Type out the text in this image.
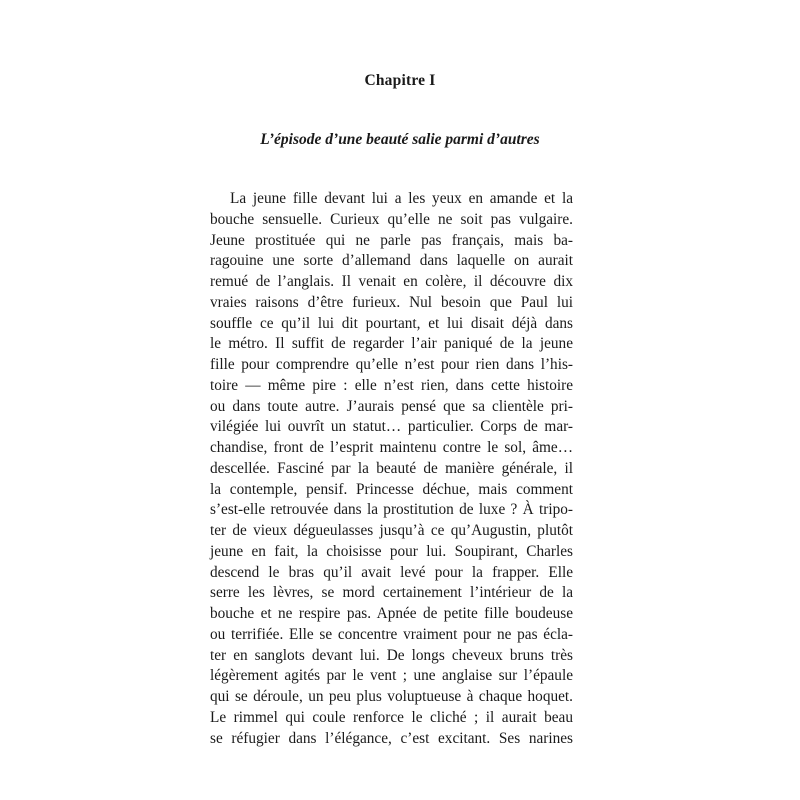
Chapitre I
L’épisode d’une beauté salie parmi d’autres
La jeune fille devant lui a les yeux en amande et la
bouche sensuelle. Curieux qu’elle ne soit pas vulgaire.
Jeune prostituée qui ne parle pas français, mais ba-
ragouine une sorte d’allemand dans laquelle on aurait
remué de l’anglais. Il venait en colère, il découvre dix
vraies raisons d’être furieux. Nul besoin que Paul lui
souffle ce qu’il lui dit pourtant, et lui disait déjà dans
le métro. Il suffit de regarder l’air paniqué de la jeune
fille pour comprendre qu’elle n’est pour rien dans l’his-
toire — même pire : elle n’est rien, dans cette histoire
ou dans toute autre. J’aurais pensé que sa clientèle pri-
vilégiée lui ouvrît un statut… particulier. Corps de mar-
chandise, front de l’esprit maintenu contre le sol, âme…
descellée. Fasciné par la beauté de manière générale, il
la contemple, pensif. Princesse déchue, mais comment
s’est-elle retrouvée dans la prostitution de luxe ? À tripo-
ter de vieux dégueulasses jusqu’à ce qu’Augustin, plutôt
jeune en fait, la choisisse pour lui. Soupirant, Charles
descend le bras qu’il avait levé pour la frapper. Elle
serre les lèvres, se mord certainement l’intérieur de la
bouche et ne respire pas. Apnée de petite fille boudeuse
ou terrifiée. Elle se concentre vraiment pour ne pas écla-
ter en sanglots devant lui. De longs cheveux bruns très
légèrement agités par le vent ; une anglaise sur l’épaule
qui se déroule, un peu plus voluptueuse à chaque hoquet.
Le rimmel qui coule renforce le cliché ; il aurait beau
se réfugier dans l’élégance, c’est excitant. Ses narines
